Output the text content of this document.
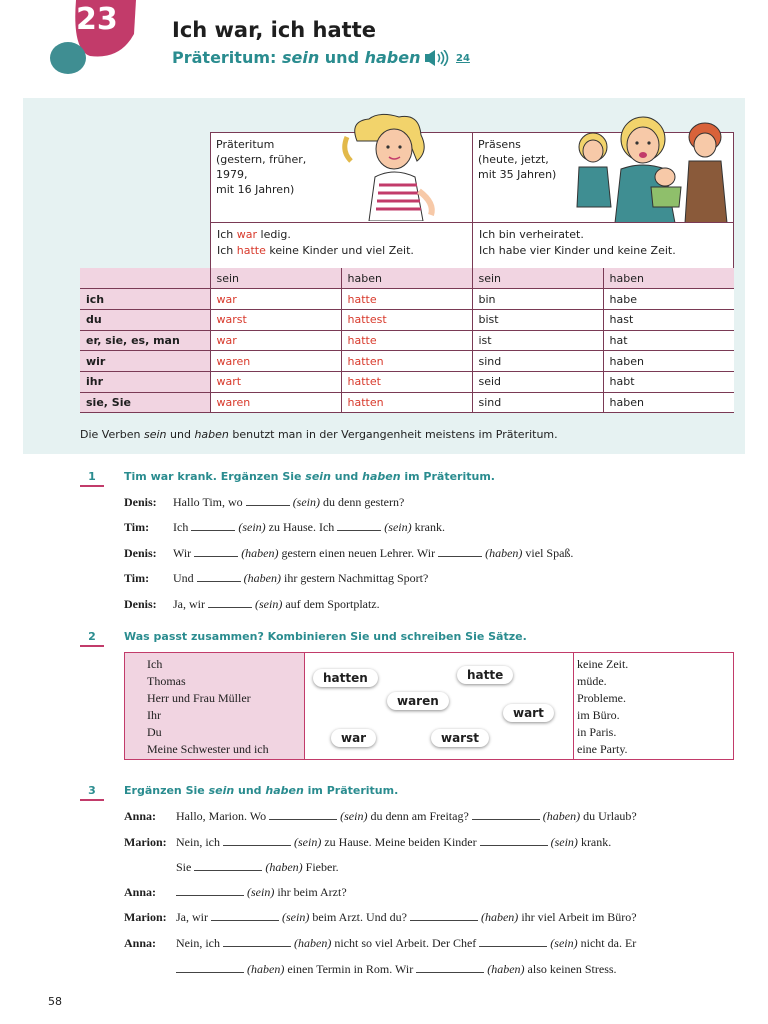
23	Ich war, ich hatte
Präteritum: sein und haben	24
Präteritum
(gestern, früher,
1979,
mit 16 Jahren)
Präsens
(heute, jetzt,
mit 35 Jahren)
Ich war ledig.
Ich hatte keine Kinder und viel Zeit.
Ich bin verheiratet.
Ich habe vier Kinder und keine Zeit.
	sein	haben	sein	haben
ich	war	hatte	bin	habe
du	warst	hattest	bist	hast
er, sie, es, man	war	hatte	ist	hat
wir	waren	hatten	sind	haben
ihr	wart	hattet	seid	habt
sie, Sie	waren	hatten	sind	haben
Die Verben sein und haben benutzt man in der Vergangenheit meistens im Präteritum.
1	Tim war krank. Ergänzen Sie sein und haben im Präteritum.
Denis: Hallo Tim, wo	(sein) du denn gestern?
Tim: Ich	(sein) zu Hause. Ich	(sein) krank.
Denis: Wir	(haben) gestern einen neuen Lehrer. Wir	(haben) viel Spaß.
Tim: Und	(haben) ihr gestern Nachmittag Sport?
Denis: Ja, wir	(sein) auf dem Sportplatz.
2	Was passt zusammen? Kombinieren Sie und schreiben Sie Sätze.
Ich
Thomas
Herr und Frau Müller
Ihr
Du
Meine Schwester und ich
hatten	hatte
waren
wart
war	warst
keine Zeit.
müde.
Probleme.
im Büro.
in Paris.
eine Party.
3	Ergänzen Sie sein und haben im Präteritum.
Anna: Hallo, Marion. Wo	(sein) du denn am Freitag?	(haben) du Urlaub?
Marion: Nein, ich	(sein) zu Hause. Meine beiden Kinder	(sein) krank.
Sie	(haben) Fieber.
Anna:	(sein) ihr beim Arzt?
Marion: Ja, wir	(sein) beim Arzt. Und du?	(haben) ihr viel Arbeit im Büro?
Anna: Nein, ich	(haben) nicht so viel Arbeit. Der Chef	(sein) nicht da. Er
(haben) einen Termin in Rom. Wir	(haben) also keinen Stress.
58
